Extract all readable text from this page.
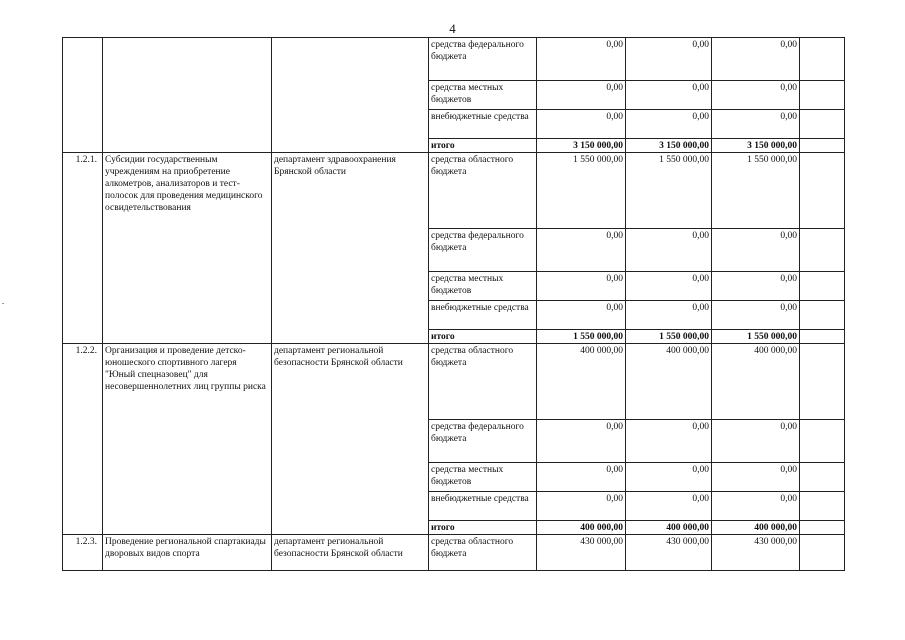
4
			средства федерального бюджета	0,00	0,00	0,00	
			средства местных бюджетов	0,00	0,00	0,00	
			внебюджетные средства	0,00	0,00	0,00	
			итого	3 150 000,00	3 150 000,00	3 150 000,00	
1.2.1.	Субсидии государственным учреждениям на приобретение алкометров, анализаторов и тест-полосок для проведения медицинского освидетельствования	департамент здравоохранения Брянской области	средства областного бюджета	1 550 000,00	1 550 000,00	1 550 000,00	
			средства федерального бюджета	0,00	0,00	0,00	
			средства местных бюджетов	0,00	0,00	0,00	
			внебюджетные средства	0,00	0,00	0,00	
			итого	1 550 000,00	1 550 000,00	1 550 000,00	
1.2.2.	Организация и проведение детско-юношеского спортивного лагеря "Юный спецназовец" для несовершеннолетних лиц группы риска	департамент региональной безопасности Брянской области	средства областного бюджета	400 000,00	400 000,00	400 000,00	
			средства федерального бюджета	0,00	0,00	0,00	
			средства местных бюджетов	0,00	0,00	0,00	
			внебюджетные средства	0,00	0,00	0,00	
			итого	400 000,00	400 000,00	400 000,00	
1.2.3.	Проведение региональной спартакиады дворовых видов спорта	департамент региональной безопасности Брянской области	средства областного бюджета	430 000,00	430 000,00	430 000,00	
